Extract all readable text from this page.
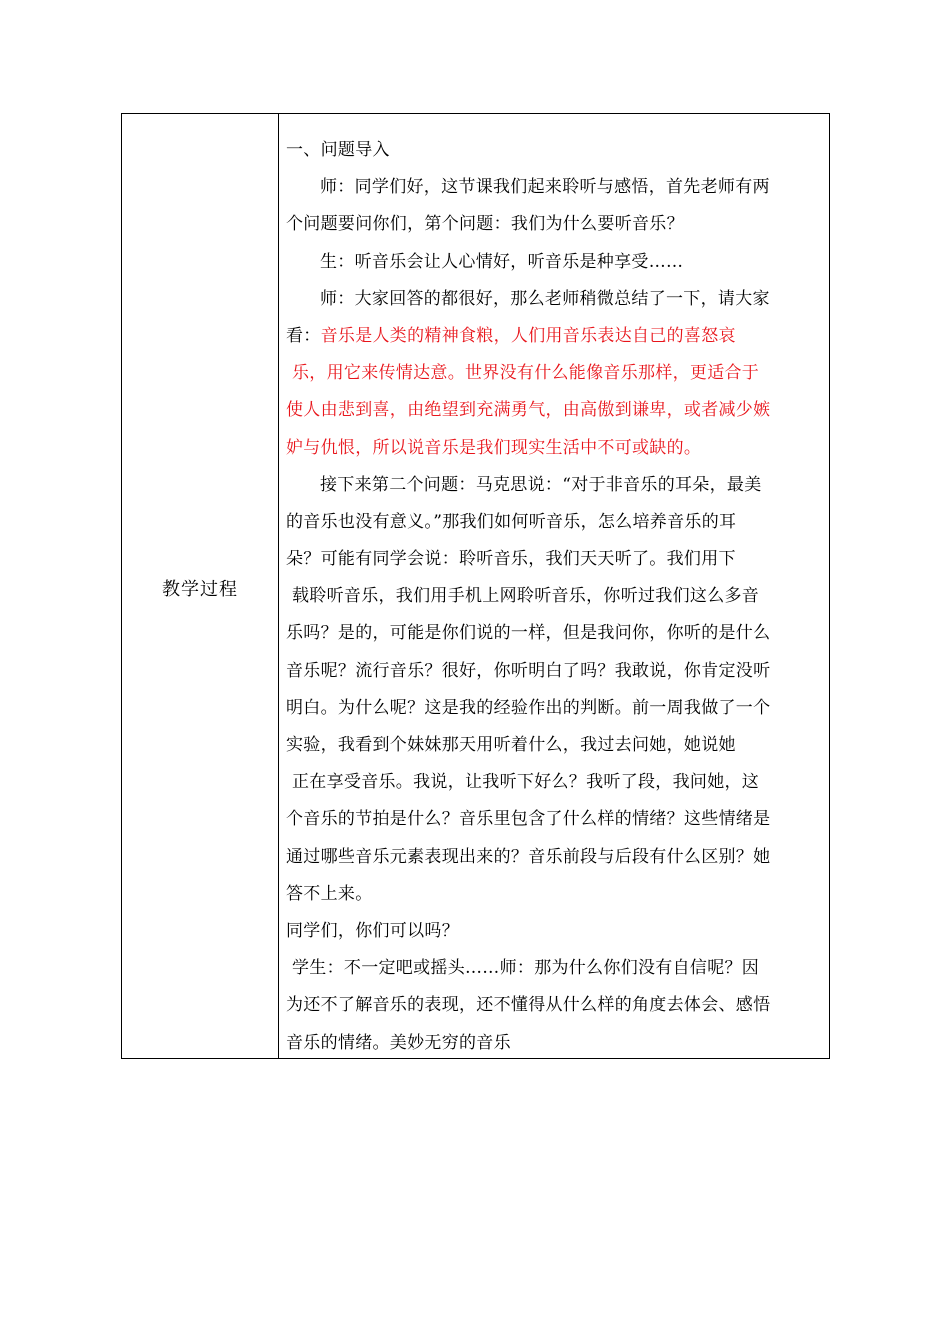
教学过程
一、问题导入
师：同学们好，这节课我们起来聆听与感悟，首先老师有两
个问题要问你们，第个问题：我们为什么要听音乐？
生：听音乐会让人心情好，听音乐是种享受……
师：大家回答的都很好，那么老师稍微总结了一下，请大家
看：音乐是人类的精神食粮，人们用音乐表达自己的喜怒哀
乐，用它来传情达意。世界没有什么能像音乐那样，更适合于
使人由悲到喜，由绝望到充满勇气，由高傲到谦卑，或者减少嫉
妒与仇恨，所以说音乐是我们现实生活中不可或缺的。
接下来第二个问题：马克思说：“对于非音乐的耳朵，最美
的音乐也没有意义。”那我们如何听音乐，怎么培养音乐的耳
朵？可能有同学会说：聆听音乐，我们天天听了。我们用下
载聆听音乐，我们用手机上网聆听音乐，你听过我们这么多音
乐吗？是的，可能是你们说的一样，但是我问你，你听的是什么
音乐呢？流行音乐？很好，你听明白了吗？我敢说，你肯定没听
明白。为什么呢？这是我的经验作出的判断。前一周我做了一个
实验，我看到个妹妹那天用听着什么，我过去问她，她说她
正在享受音乐。我说，让我听下好么？我听了段，我问她，这
个音乐的节拍是什么？音乐里包含了什么样的情绪？这些情绪是
通过哪些音乐元素表现出来的？音乐前段与后段有什么区别？她
答不上来。
同学们，你们可以吗？
学生：不一定吧或摇头……师：那为什么你们没有自信呢？因
为还不了解音乐的表现，还不懂得从什么样的角度去体会、感悟
音乐的情绪。美妙无穷的音乐
